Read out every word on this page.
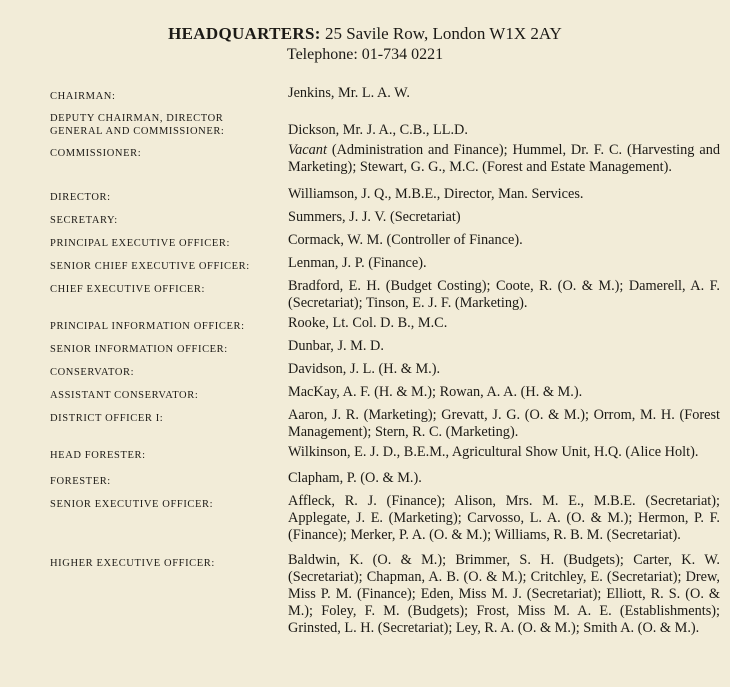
HEADQUARTERS: 25 Savile Row, London W1X 2AY
Telephone: 01-734 0221
CHAIRMAN:	Jenkins, Mr. L. A. W.
DEPUTY CHAIRMAN, DIRECTOR GENERAL AND COMMISSIONER:	Dickson, Mr. J. A., C.B., LL.D.
COMMISSIONER:	Vacant (Administration and Finance); Hummel, Dr. F. C. (Harvesting and Marketing); Stewart, G. G., M.C. (Forest and Estate Management).
DIRECTOR:	Williamson, J. Q., M.B.E., Director, Man. Services.
SECRETARY:	Summers, J. J. V. (Secretariat)
PRINCIPAL EXECUTIVE OFFICER:	Cormack, W. M. (Controller of Finance).
SENIOR CHIEF EXECUTIVE OFFICER:	Lenman, J. P. (Finance).
CHIEF EXECUTIVE OFFICER:	Bradford, E. H. (Budget Costing); Coote, R. (O. & M.); Damerell, A. F. (Secretariat); Tinson, E. J. F. (Marketing).
PRINCIPAL INFORMATION OFFICER:	Rooke, Lt. Col. D. B., M.C.
SENIOR INFORMATION OFFICER:	Dunbar, J. M. D.
CONSERVATOR:	Davidson, J. L. (H. & M.).
ASSISTANT CONSERVATOR:	MacKay, A. F. (H. & M.); Rowan, A. A. (H. & M.).
DISTRICT OFFICER I:	Aaron, J. R. (Marketing); Grevatt, J. G. (O. & M.); Orrom, M. H. (Forest Management); Stern, R. C. (Marketing).
HEAD FORESTER:	Wilkinson, E. J. D., B.E.M., Agricultural Show Unit, H.Q. (Alice Holt).
FORESTER:	Clapham, P. (O. & M.).
SENIOR EXECUTIVE OFFICER:	Affleck, R. J. (Finance); Alison, Mrs. M. E., M.B.E. (Secretariat); Applegate, J. E. (Marketing); Carvosso, L. A. (O. & M.); Hermon, P. F. (Finance); Merker, P. A. (O. & M.); Williams, R. B. M. (Secretariat).
HIGHER EXECUTIVE OFFICER:	Baldwin, K. (O. & M.); Brimmer, S. H. (Budgets); Carter, K. W. (Secretariat); Chapman, A. B. (O. & M.); Critchley, E. (Secretariat); Drew, Miss P. M. (Finance); Eden, Miss M. J. (Secretariat); Elliott, R. S. (O. & M.); Foley, F. M. (Budgets); Frost, Miss M. A. E. (Establishments); Grinsted, L. H. (Secretariat); Ley, R. A. (O. & M.); Smith A. (O. & M.).
